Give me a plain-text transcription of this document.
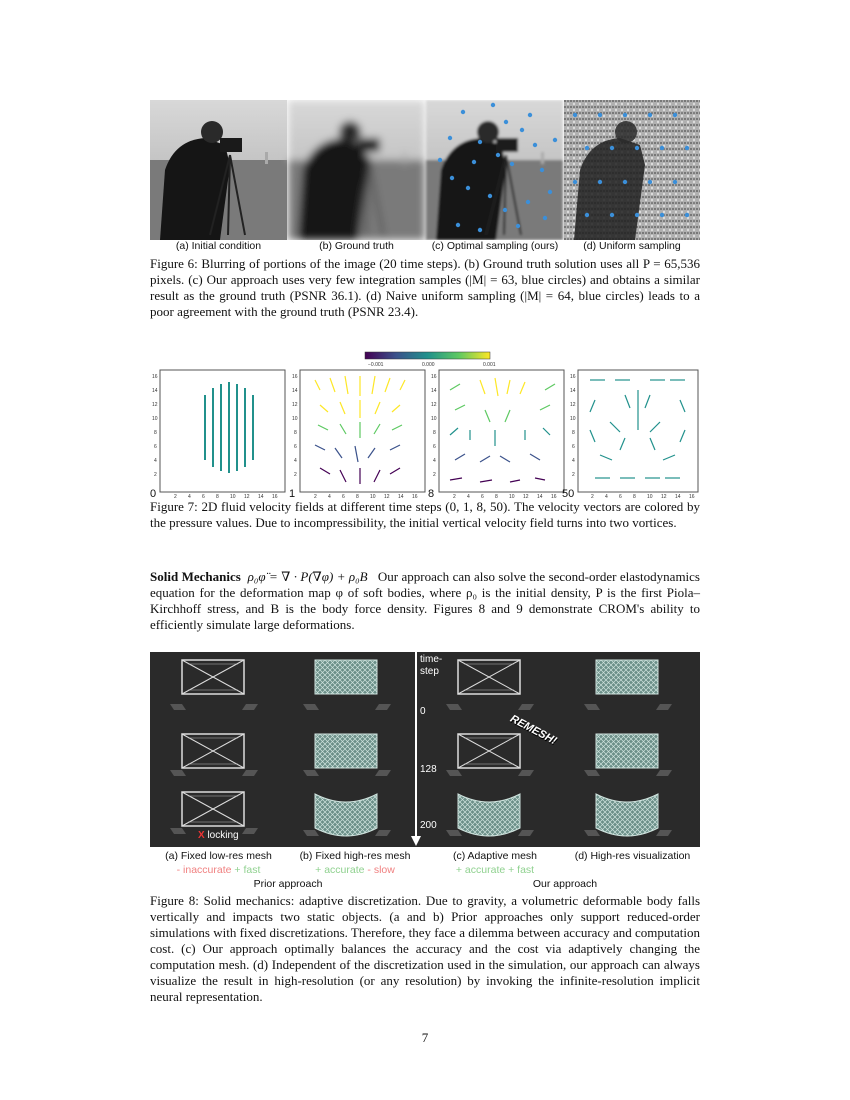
(a) Initial condition	(b) Ground truth	(c) Optimal sampling (ours)	(d) Uniform sampling
Figure 6: Blurring of portions of the image (20 time steps). (b) Ground truth solution uses all P = 65,536 pixels. (c) Our approach uses very few integration samples (|M| = 63, blue circles) and obtains a similar result as the ground truth (PSNR 36.1). (d) Naive uniform sampling (|M| = 64, blue circles) leads to a poor agreement with the ground truth (PSNR 23.4).
−0.001	0.000	0.001
2 4 6 8 10 12 14 16	2 4 6 8 10 12 14 16	2 4 6 8 10 12 14 16	2 4 6 8 10 12 14 16
16
14
12
10
8
6
4
2
16
14
12
10
8
6
4
2
16
14
12
10
8
6
4
2
16
14
12
10
8
6
4
2
0	1	8	50
Figure 7: 2D fluid velocity fields at different time steps (0, 1, 8, 50). The velocity vectors are colored by the pressure values. Due to incompressibility, the initial vertical velocity field turns into two vortices.
Solid Mechanics ρ₀φ̈ = ∇ · P(∇φ) + ρ₀B Our approach can also solve the second-order elastodynamics equation for the deformation map φ of soft bodies, where ρ₀ is the initial density, P is the first Piola–Kirchhoff stress, and B is the body force density. Figures 8 and 9 demonstrate CROM's ability to efficiently simulate large deformations.
time-
step
0
128
200
REMESH!
X locking
(a) Fixed low-res mesh	(b) Fixed high-res mesh	(c) Adaptive mesh	(d) High-res visualization
- inaccurate + fast	+ accurate - slow	+ accurate + fast
Prior approach	Our approach
Figure 8: Solid mechanics: adaptive discretization. Due to gravity, a volumetric deformable body falls vertically and impacts two static objects. (a and b) Prior approaches only support reduced-order simulations with fixed discretizations. Therefore, they face a dilemma between accuracy and computation cost. (c) Our approach optimally balances the accuracy and the cost via adaptively changing the computation mesh. (d) Independent of the discretization used in the simulation, our approach can always visualize the result in high-resolution (or any resolution) by invoking the infinite-resolution implicit neural representation.
7
